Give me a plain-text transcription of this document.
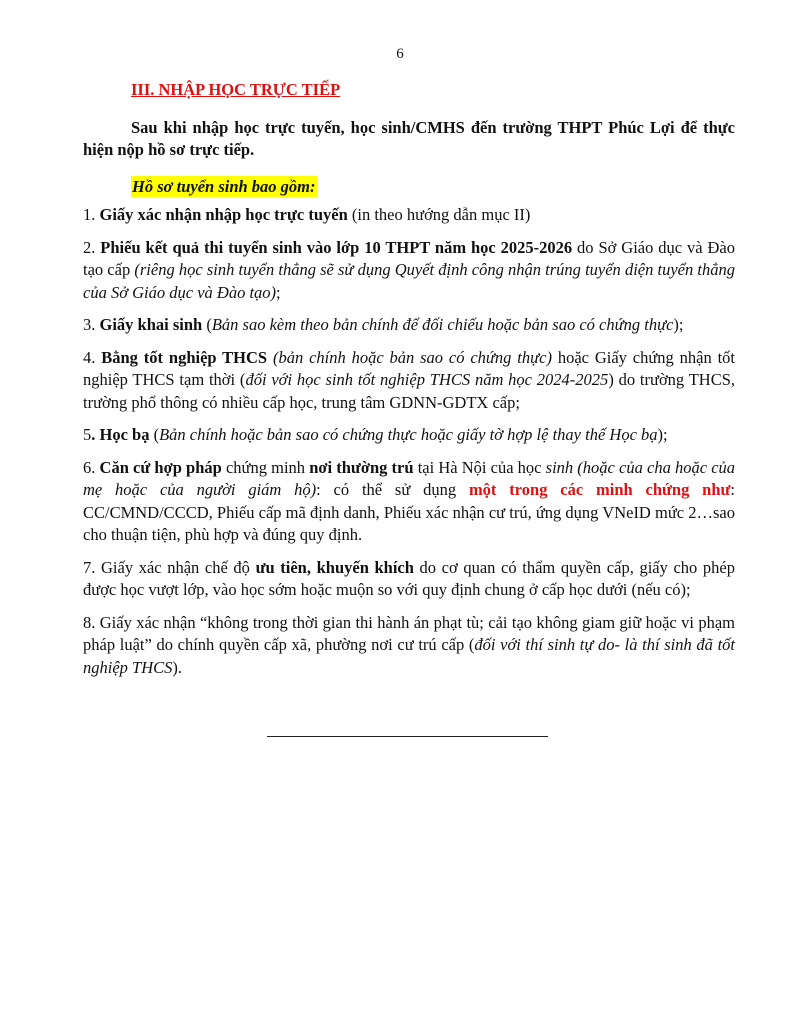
6
III. NHẬP HỌC TRỰC TIẾP

Sau khi nhập học trực tuyến, học sinh/CMHS đến trường THPT Phúc Lợi để thực hiện nộp hồ sơ trực tiếp.

Hồ sơ tuyển sinh bao gồm:

1. Giấy xác nhận nhập học trực tuyến (in theo hướng dẫn mục II)

2. Phiếu kết quả thi tuyển sinh vào lớp 10 THPT năm học 2025-2026 do Sở Giáo dục và Đào tạo cấp (riêng học sinh tuyển thẳng sẽ sử dụng Quyết định công nhận trúng tuyển diện tuyển thẳng của Sở Giáo dục và Đào tạo);

3. Giấy khai sinh (Bản sao kèm theo bản chính để đối chiếu hoặc bản sao có chứng thực);

4. Bằng tốt nghiệp THCS (bản chính hoặc bản sao có chứng thực) hoặc Giấy chứng nhận tốt nghiệp THCS tạm thời (đối với học sinh tốt nghiệp THCS năm học 2024-2025) do trường THCS, trường phổ thông có nhiều cấp học, trung tâm GDNN-GDTX cấp;

5. Học bạ (Bản chính hoặc bản sao có chứng thực hoặc giấy tờ hợp lệ thay thế Học bạ);

6. Căn cứ hợp pháp chứng minh nơi thường trú tại Hà Nội của học sinh (hoặc của cha hoặc của mẹ hoặc của người giám hộ): có thể sử dụng một trong các minh chứng như: CC/CMND/CCCD, Phiếu cấp mã định danh, Phiếu xác nhận cư trú, ứng dụng VNeID mức 2…sao cho thuận tiện, phù hợp và đúng quy định.

7. Giấy xác nhận chế độ ưu tiên, khuyến khích do cơ quan có thẩm quyền cấp, giấy cho phép được học vượt lớp, vào học sớm hoặc muộn so với quy định chung ở cấp học dưới (nếu có);

8. Giấy xác nhận “không trong thời gian thi hành án phạt tù; cải tạo không giam giữ hoặc vi phạm pháp luật” do chính quyền cấp xã, phường nơi cư trú cấp (đối với thí sinh tự do- là thí sinh đã tốt nghiệp THCS).
